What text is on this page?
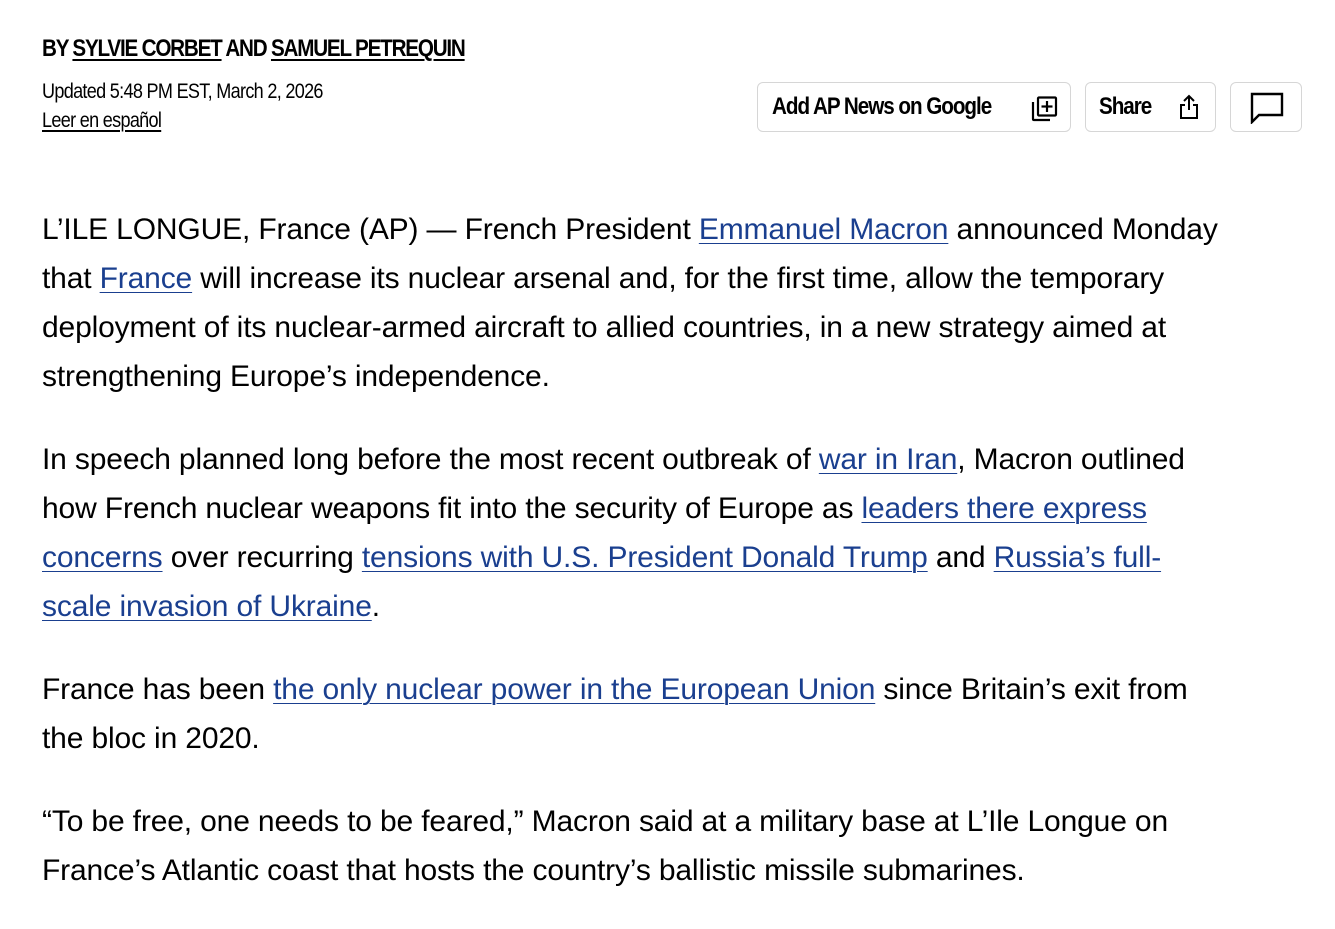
BY SYLVIE CORBET AND SAMUEL PETREQUIN
Updated 5:48 PM EST, March 2, 2026
Leer en español
Add AP News on Google	Share

L’ILE LONGUE, France (AP) — French President Emmanuel Macron announced Monday
that France will increase its nuclear arsenal and, for the first time, allow the temporary
deployment of its nuclear-armed aircraft to allied countries, in a new strategy aimed at
strengthening Europe’s independence.

In speech planned long before the most recent outbreak of war in Iran, Macron outlined
how French nuclear weapons fit into the security of Europe as leaders there express
concerns over recurring tensions with U.S. President Donald Trump and Russia’s full-
scale invasion of Ukraine.

France has been the only nuclear power in the European Union since Britain’s exit from
the bloc in 2020.

“To be free, one needs to be feared,” Macron said at a military base at L’Ile Longue on
France’s Atlantic coast that hosts the country’s ballistic missile submarines.
